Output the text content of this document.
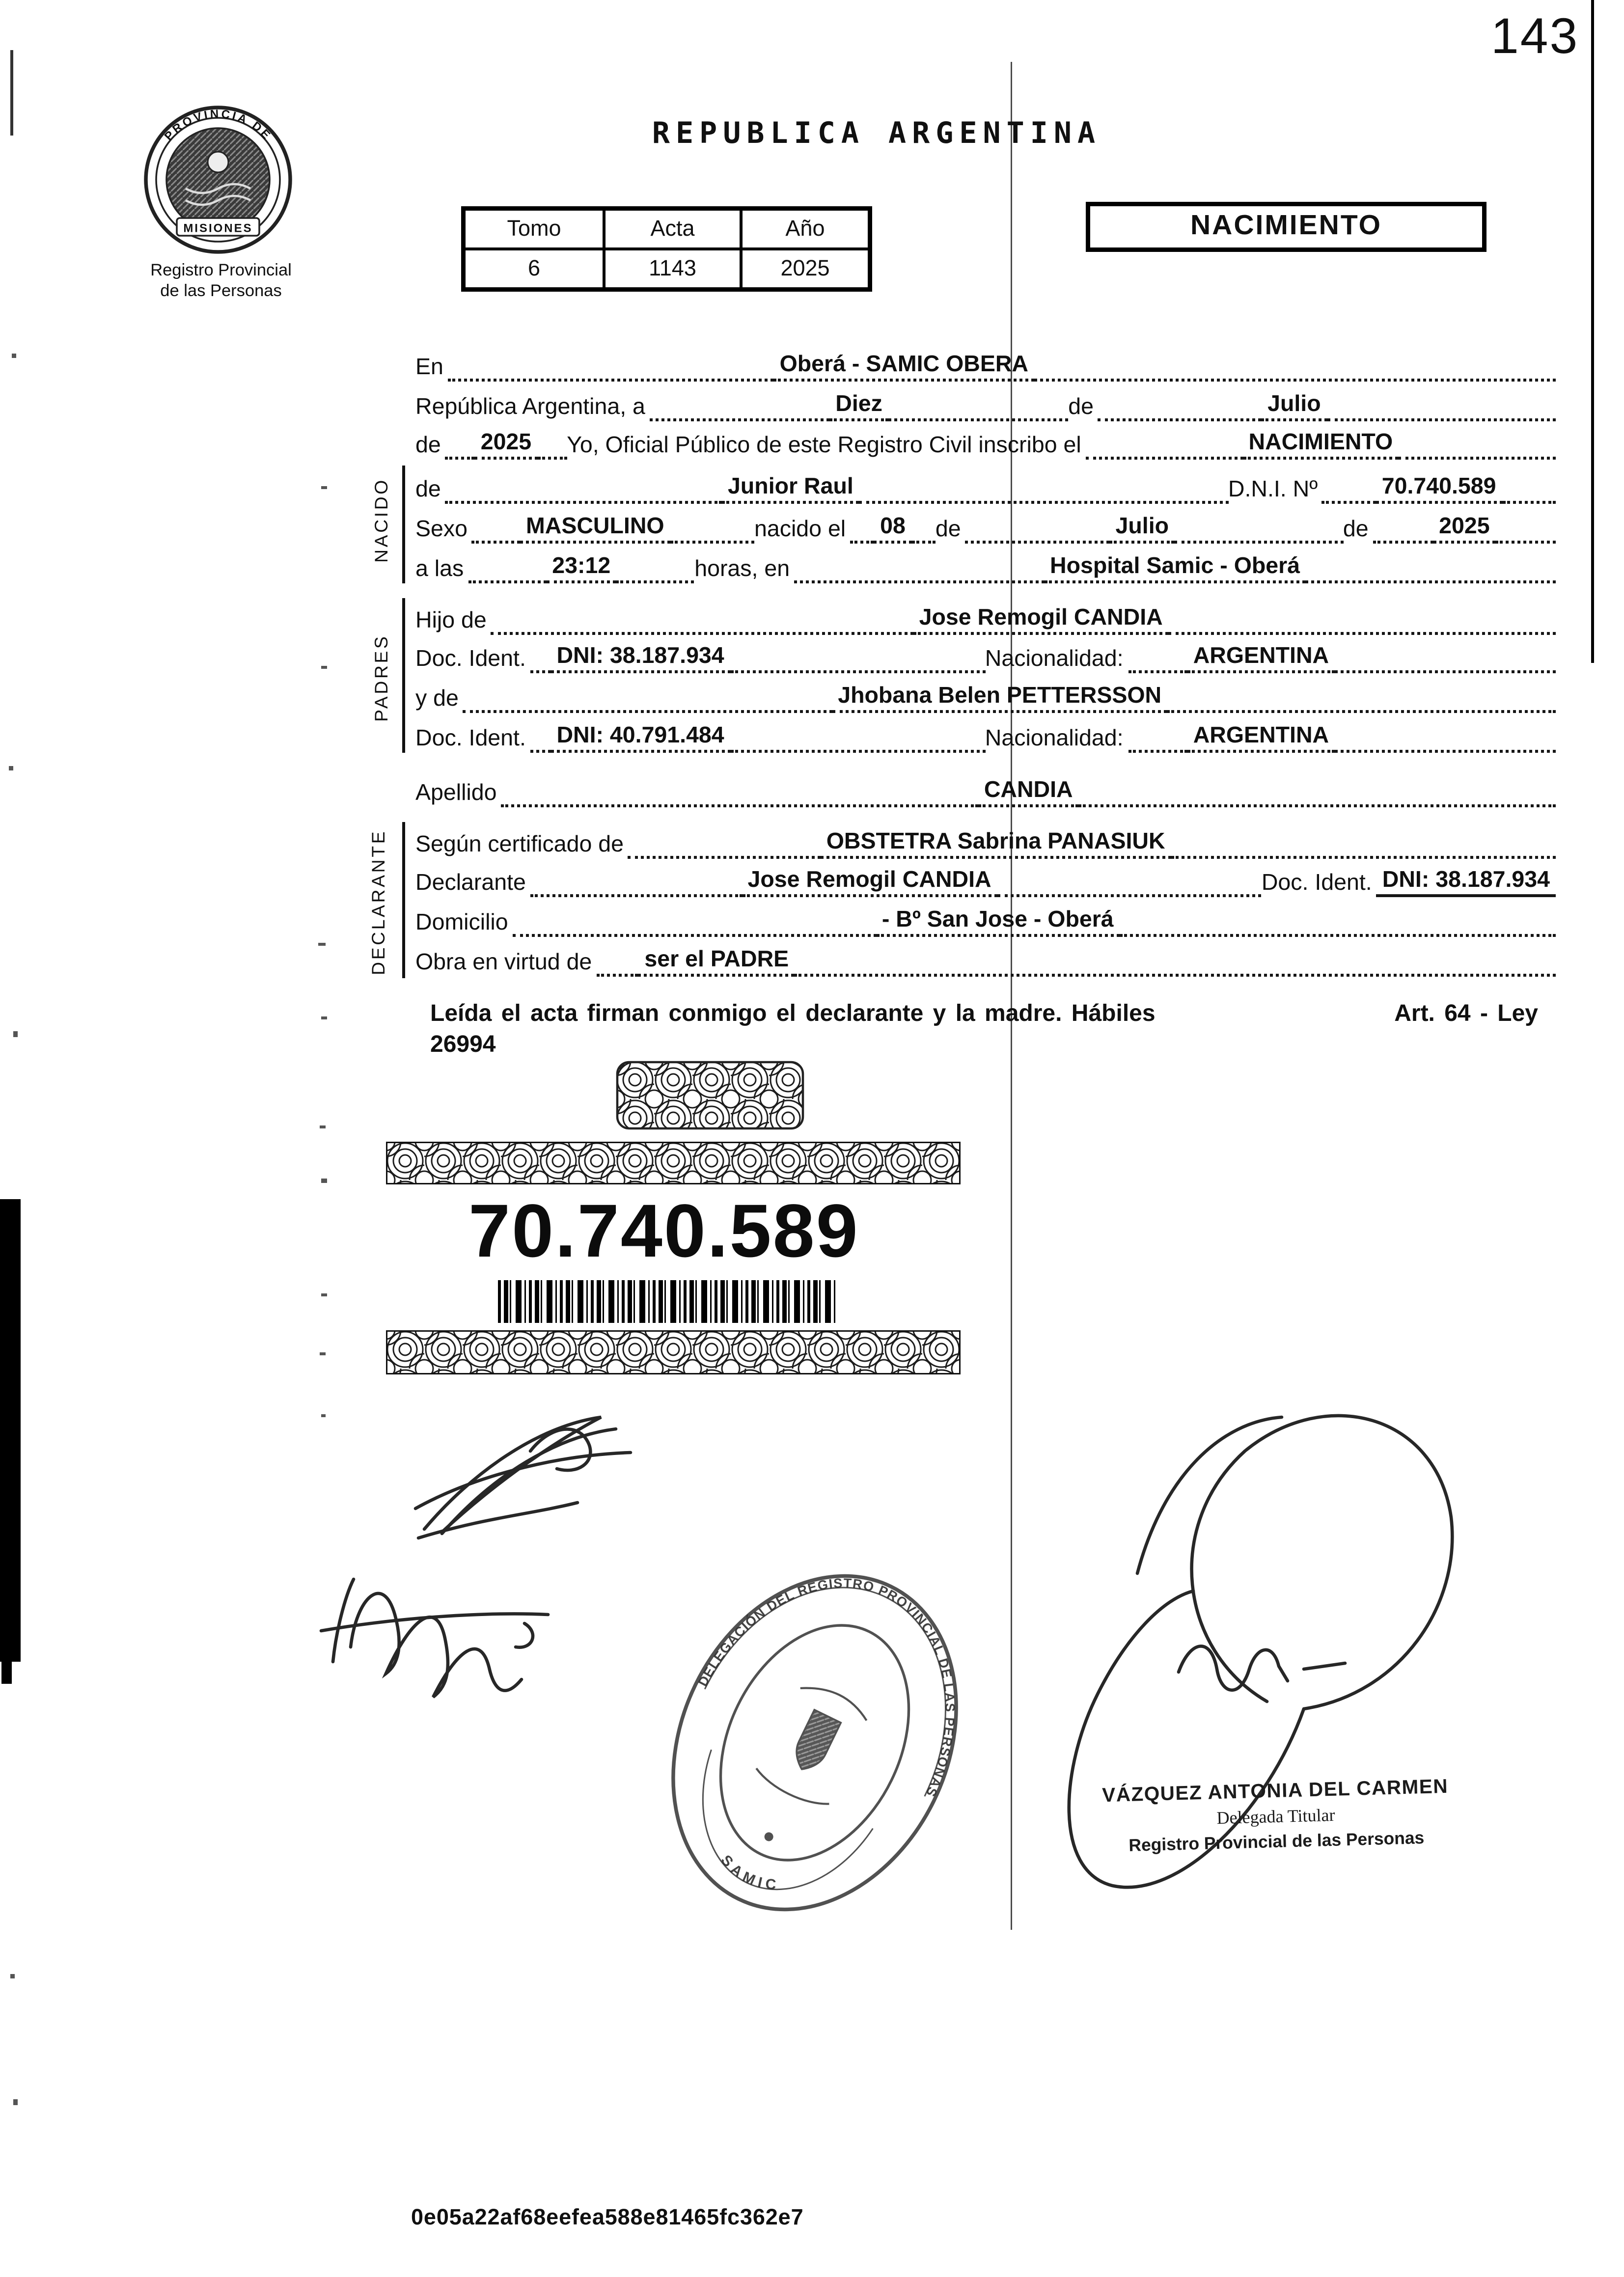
143
PROVINCIA DE
MISIONES
Registro Provincial
de las Personas
REPUBLICA ARGENTINA
Tomo	Acta	Año
6	1143	2025
NACIMIENTO
NACIDO
PADRES
DECLARANTE
En	Oberá - SAMIC OBERA
República Argentina, a	Diez	de	Julio
de	2025	Yo, Oficial Público de este Registro Civil inscribo el	NACIMIENTO
de	Junior Raul	D.N.I. Nº	70.740.589
Sexo	MASCULINO	nacido el	08	de	Julio	de	2025
a las	23:12	horas, en	Hospital Samic - Oberá
Hijo de	Jose Remogil CANDIA
Doc. Ident.	DNI: 38.187.934	Nacionalidad:	ARGENTINA
y de	Jhobana Belen PETTERSSON
Doc. Ident.	DNI: 40.791.484	Nacionalidad:	ARGENTINA
Apellido	CANDIA
Según certificado de	OBSTETRA Sabrina PANASIUK
Declarante	Jose Remogil CANDIA	Doc. Ident.	DNI: 38.187.934
Domicilio	- Bº San Jose - Oberá
Obra en virtud de	ser el PADRE
Leída el acta firman conmigo el declarante y la madre. Hábiles	Art. 64 - Ley
26994
70.740.589
DELEGACIÓN DEL REGISTRO PROVINCIAL DE LAS PERSONAS
SAMIC
VÁZQUEZ ANTONIA DEL CARMEN
Delegada Titular
Registro Provincial de las Personas
0e05a22af68eefea588e81465fc362e7
